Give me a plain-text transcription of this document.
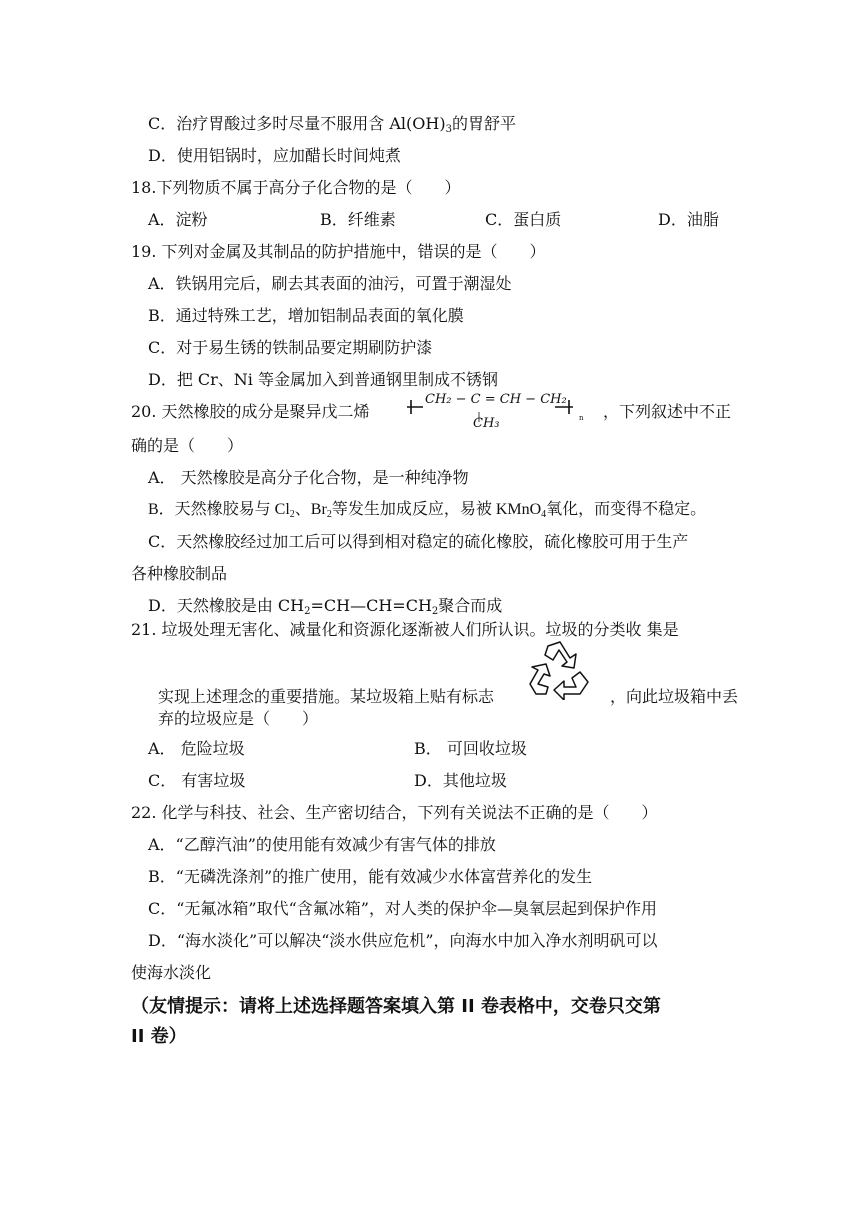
C．治疗胃酸过多时尽量不服用含 $Al(OH)_3$的胃舒平
D．使用铝锅时，应加醋长时间炖煮
18.下列物质不属于高分子化合物的是（　　）
A．淀粉	B．纤维素	C．蛋白质	D．油脂
19. 下列对金属及其制品的防护措施中，错误的是（　　）
A．铁锅用完后，刷去其表面的油污，可置于潮湿处
B．通过特殊工艺，增加铝制品表面的氧化膜
C．对于易生锈的铁制品要定期刷防护漆
D．把 Cr、Ni 等金属加入到普通钢里制成不锈钢
20. 天然橡胶的成分是聚异戊二烯
CH₂ − C = CH − CH₂
CH₃	n ，下列叙述中不正
确的是（　　）
A． 天然橡胶是高分子化合物，是一种纯净物
B．天然橡胶易与 $Cl_2$、$Br_2$等发生加成反应，易被 KMnO$_4$氧化，而变得不稳定。
C．天然橡胶经过加工后可以得到相对稳定的硫化橡胶，硫化橡胶可用于生产
各种橡胶制品
D．天然橡胶是由 $CH_2=CH—CH=CH_2$聚合而成
21. 垃圾处理无害化、减量化和资源化逐渐被人们所认识。垃圾的分类收 集是
实现上述理念的重要措施。某垃圾箱上贴有标志	，向此垃圾箱中丢
弃的垃圾应是（　　）
A． 危险垃圾	B． 可回收垃圾
C． 有害垃圾	D．其他垃圾
22. 化学与科技、社会、生产密切结合，下列有关说法不正确的是（　　）
A．“乙醇汽油”的使用能有效减少有害气体的排放
B．“无磷洗涤剂”的推广使用，能有效减少水体富营养化的发生
C．“无氟冰箱”取代“含氟冰箱”，对人类的保护伞—臭氧层起到保护作用
D．“海水淡化”可以解决“淡水供应危机”，向海水中加入净水剂明矾可以
使海水淡化
（友情提示：请将上述选择题答案填入第 II 卷表格中，交卷只交第
II 卷）
